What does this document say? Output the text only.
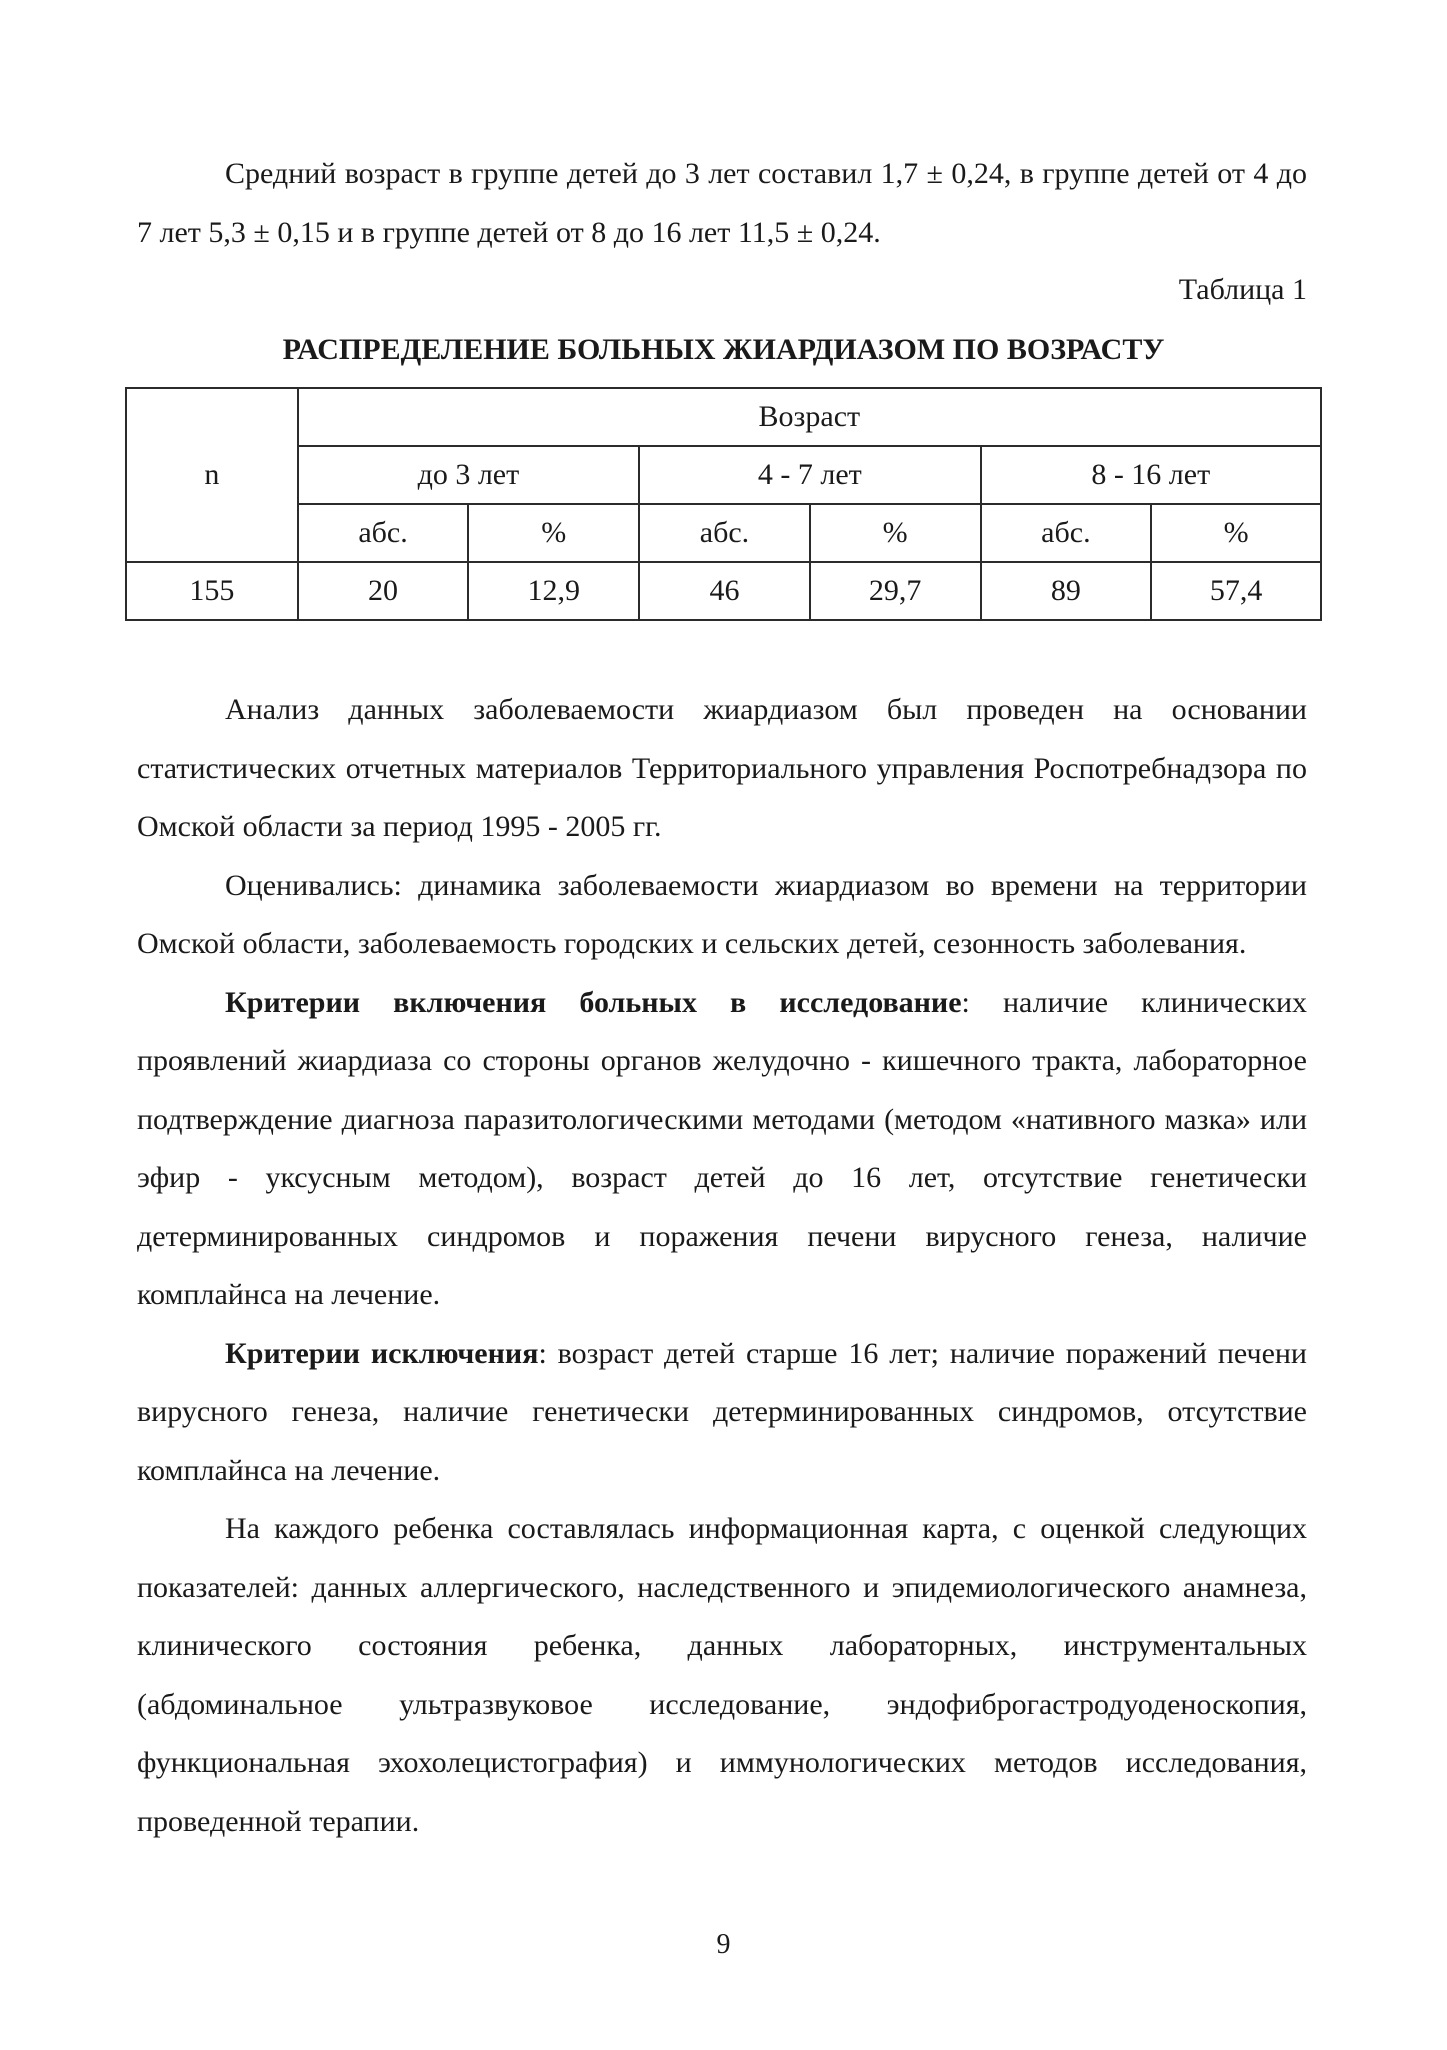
Средний возраст в группе детей до 3 лет составил 1,7 ± 0,24, в группе детей от 4 до 7 лет 5,3 ± 0,15 и в группе детей от 8 до 16 лет 11,5 ± 0,24.

Таблица 1
РАСПРЕДЕЛЕНИЕ БОЛЬНЫХ ЖИАРДИАЗОМ ПО ВОЗРАСТУ
n	Возраст					
	до 3 лет		4 - 7 лет		8 - 16 лет	
	абс.	%	абс.	%	абс.	%
155	20	12,9	46	29,7	89	57,4

Анализ данных заболеваемости жиардиазом был проведен на основании статистических отчетных материалов Территориального управления Роспотребнадзора по Омской области за период 1995 - 2005 гг.

Оценивались: динамика заболеваемости жиардиазом во времени на территории Омской области, заболеваемость городских и сельских детей, сезонность заболевания.

Критерии включения больных в исследование: наличие клинических проявлений жиардиаза со стороны органов желудочно - кишечного тракта, лабораторное подтверждение диагноза паразитологическими методами (методом «нативного мазка» или эфир - уксусным методом), возраст детей до 16 лет, отсутствие генетически детерминированных синдромов и поражения печени вирусного генеза, наличие комплайнса на лечение.

Критерии исключения: возраст детей старше 16 лет; наличие поражений печени вирусного генеза, наличие генетически детерминированных синдромов, отсутствие комплайнса на лечение.

На каждого ребенка составлялась информационная карта, с оценкой следующих показателей: данных аллергического, наследственного и эпидемиологического анамнеза, клинического состояния ребенка, данных лабораторных, инструментальных (абдоминальное ультразвуковое исследование, эндофиброгастродуоденоскопия, функциональная эхохолецистография) и иммунологических методов исследования, проведенной терапии.

9
